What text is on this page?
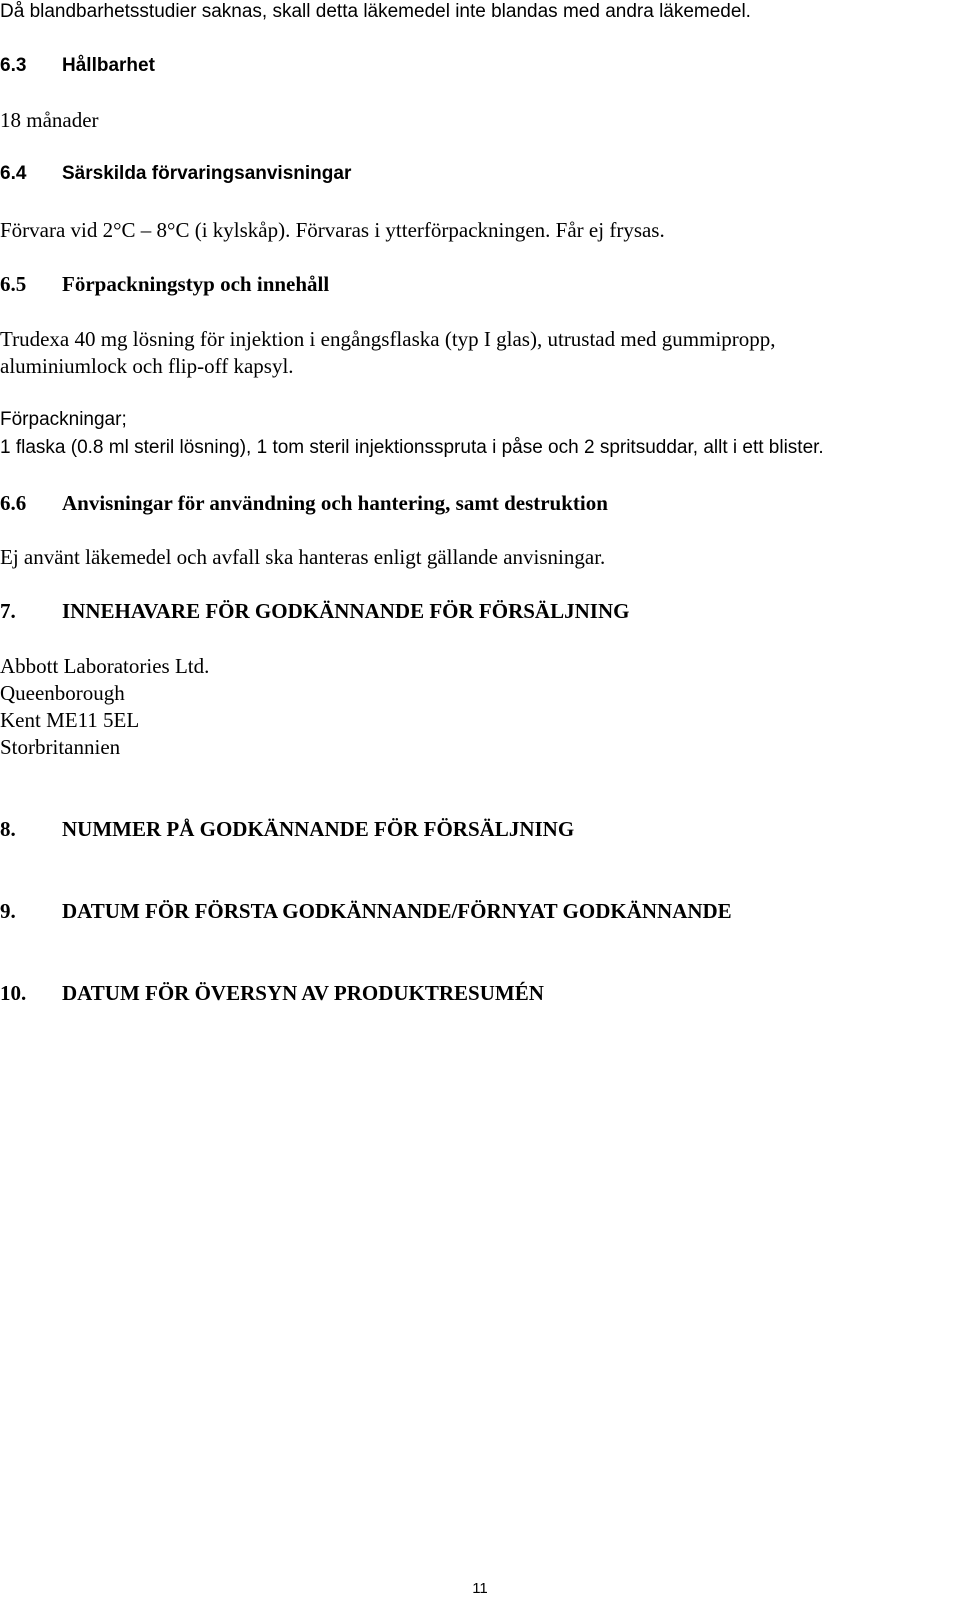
Då blandbarhetsstudier saknas, skall detta läkemedel inte blandas med andra läkemedel.
6.3 Hållbarhet
18 månader
6.4 Särskilda förvaringsanvisningar
Förvara vid 2°C – 8°C (i kylskåp). Förvaras i ytterförpackningen. Får ej frysas.
6.5 Förpackningstyp och innehåll
Trudexa 40 mg lösning för injektion i engångsflaska (typ I glas), utrustad med gummipropp,
aluminiumlock och flip-off kapsyl.
Förpackningar;
1 flaska (0.8 ml steril lösning), 1 tom steril injektionsspruta i påse och 2 spritsuddar, allt i ett blister.
6.6 Anvisningar för användning och hantering, samt destruktion
Ej använt läkemedel och avfall ska hanteras enligt gällande anvisningar.
7. INNEHAVARE FÖR GODKÄNNANDE FÖR FÖRSÄLJNING
Abbott Laboratories Ltd.
Queenborough
Kent ME11 5EL
Storbritannien
8. NUMMER PÅ GODKÄNNANDE FÖR FÖRSÄLJNING
9. DATUM FÖR FÖRSTA GODKÄNNANDE/FÖRNYAT GODKÄNNANDE
10. DATUM FÖR ÖVERSYN AV PRODUKTRESUMÉN
11
